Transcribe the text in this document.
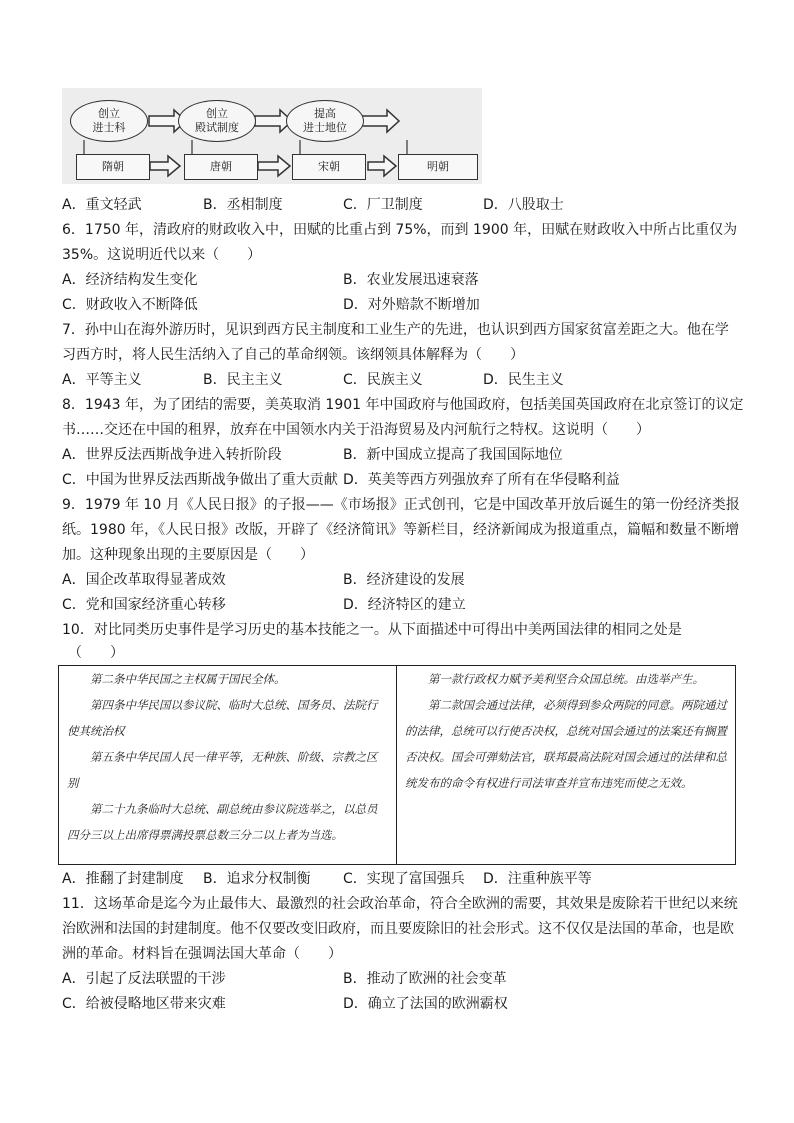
创立
进士科
创立
殿试制度
提高
进士地位
隋朝	唐朝	宋朝	明朝
A．重文轻武	B．丞相制度	C．厂卫制度	D．八股取士
6．1750 年，清政府的财政收入中，田赋的比重占到 75%，而到 1900 年，田赋在财政收入中所占比重仅为
35%。这说明近代以来（　　）
A．经济结构发生变化	B．农业发展迅速衰落
C．财政收入不断降低	D．对外赔款不断增加
7．孙中山在海外游历时，见识到西方民主制度和工业生产的先进，也认识到西方国家贫富差距之大。他在学
习西方时，将人民生活纳入了自己的革命纲领。该纲领具体解释为（　　）
A．平等主义	B．民主主义	C．民族主义	D．民生主义
8．1943 年，为了团结的需要，美英取消 1901 年中国政府与他国政府，包括美国英国政府在北京签订的议定
书……交还在中国的租界，放弃在中国领水内关于沿海贸易及内河航行之特权。这说明（　　）
A．世界反法西斯战争进入转折阶段	B．新中国成立提高了我国国际地位
C．中国为世界反法西斯战争做出了重大贡献 D．英美等西方列强放弃了所有在华侵略利益
9．1979 年 10 月《人民日报》的子报——《市场报》正式创刊，它是中国改革开放后诞生的第一份经济类报
纸。1980 年，《人民日报》改版，开辟了《经济简讯》等新栏目，经济新闻成为报道重点，篇幅和数量不断增
加。这种现象出现的主要原因是（　　）
A．国企改革取得显著成效	B．经济建设的发展
C．党和国家经济重心转移	D．经济特区的建立
10．对比同类历史事件是学习历史的基本技能之一。从下面描述中可得出中美两国法律的相同之处是
（　　）
第二条中华民国之主权属于国民全体。
第四条中华民国以参议院、临时大总统、国务员、法院行使其统治权
第五条中华民国人民一律平等，无种族、阶级、宗教之区别
第二十九条临时大总统、副总统由参议院选举之，以总员四分三以上出席得票满投票总数三分二以上者为当选。
第一款行政权力赋予美利坚合众国总统。由选举产生。
第二款国会通过法律，必须得到参众两院的同意。两院通过的法律，总统可以行使否决权，总统对国会通过的法案还有搁置否决权。国会可弹劾法官，联邦最高法院对国会通过的法律和总统发布的命令有权进行司法审查并宣布违宪而使之无效。
A．推翻了封建制度 B．追求分权制衡 C．实现了富国强兵 D．注重种族平等
11．这场革命是迄今为止最伟大、最激烈的社会政治革命，符合全欧洲的需要，其效果是废除若干世纪以来统
治欧洲和法国的封建制度。他不仅要改变旧政府，而且要废除旧的社会形式。这不仅仅是法国的革命，也是欧
洲的革命。材料旨在强调法国大革命（　　）
A．引起了反法联盟的干涉	B．推动了欧洲的社会变革
C．给被侵略地区带来灾难	D．确立了法国的欧洲霸权
